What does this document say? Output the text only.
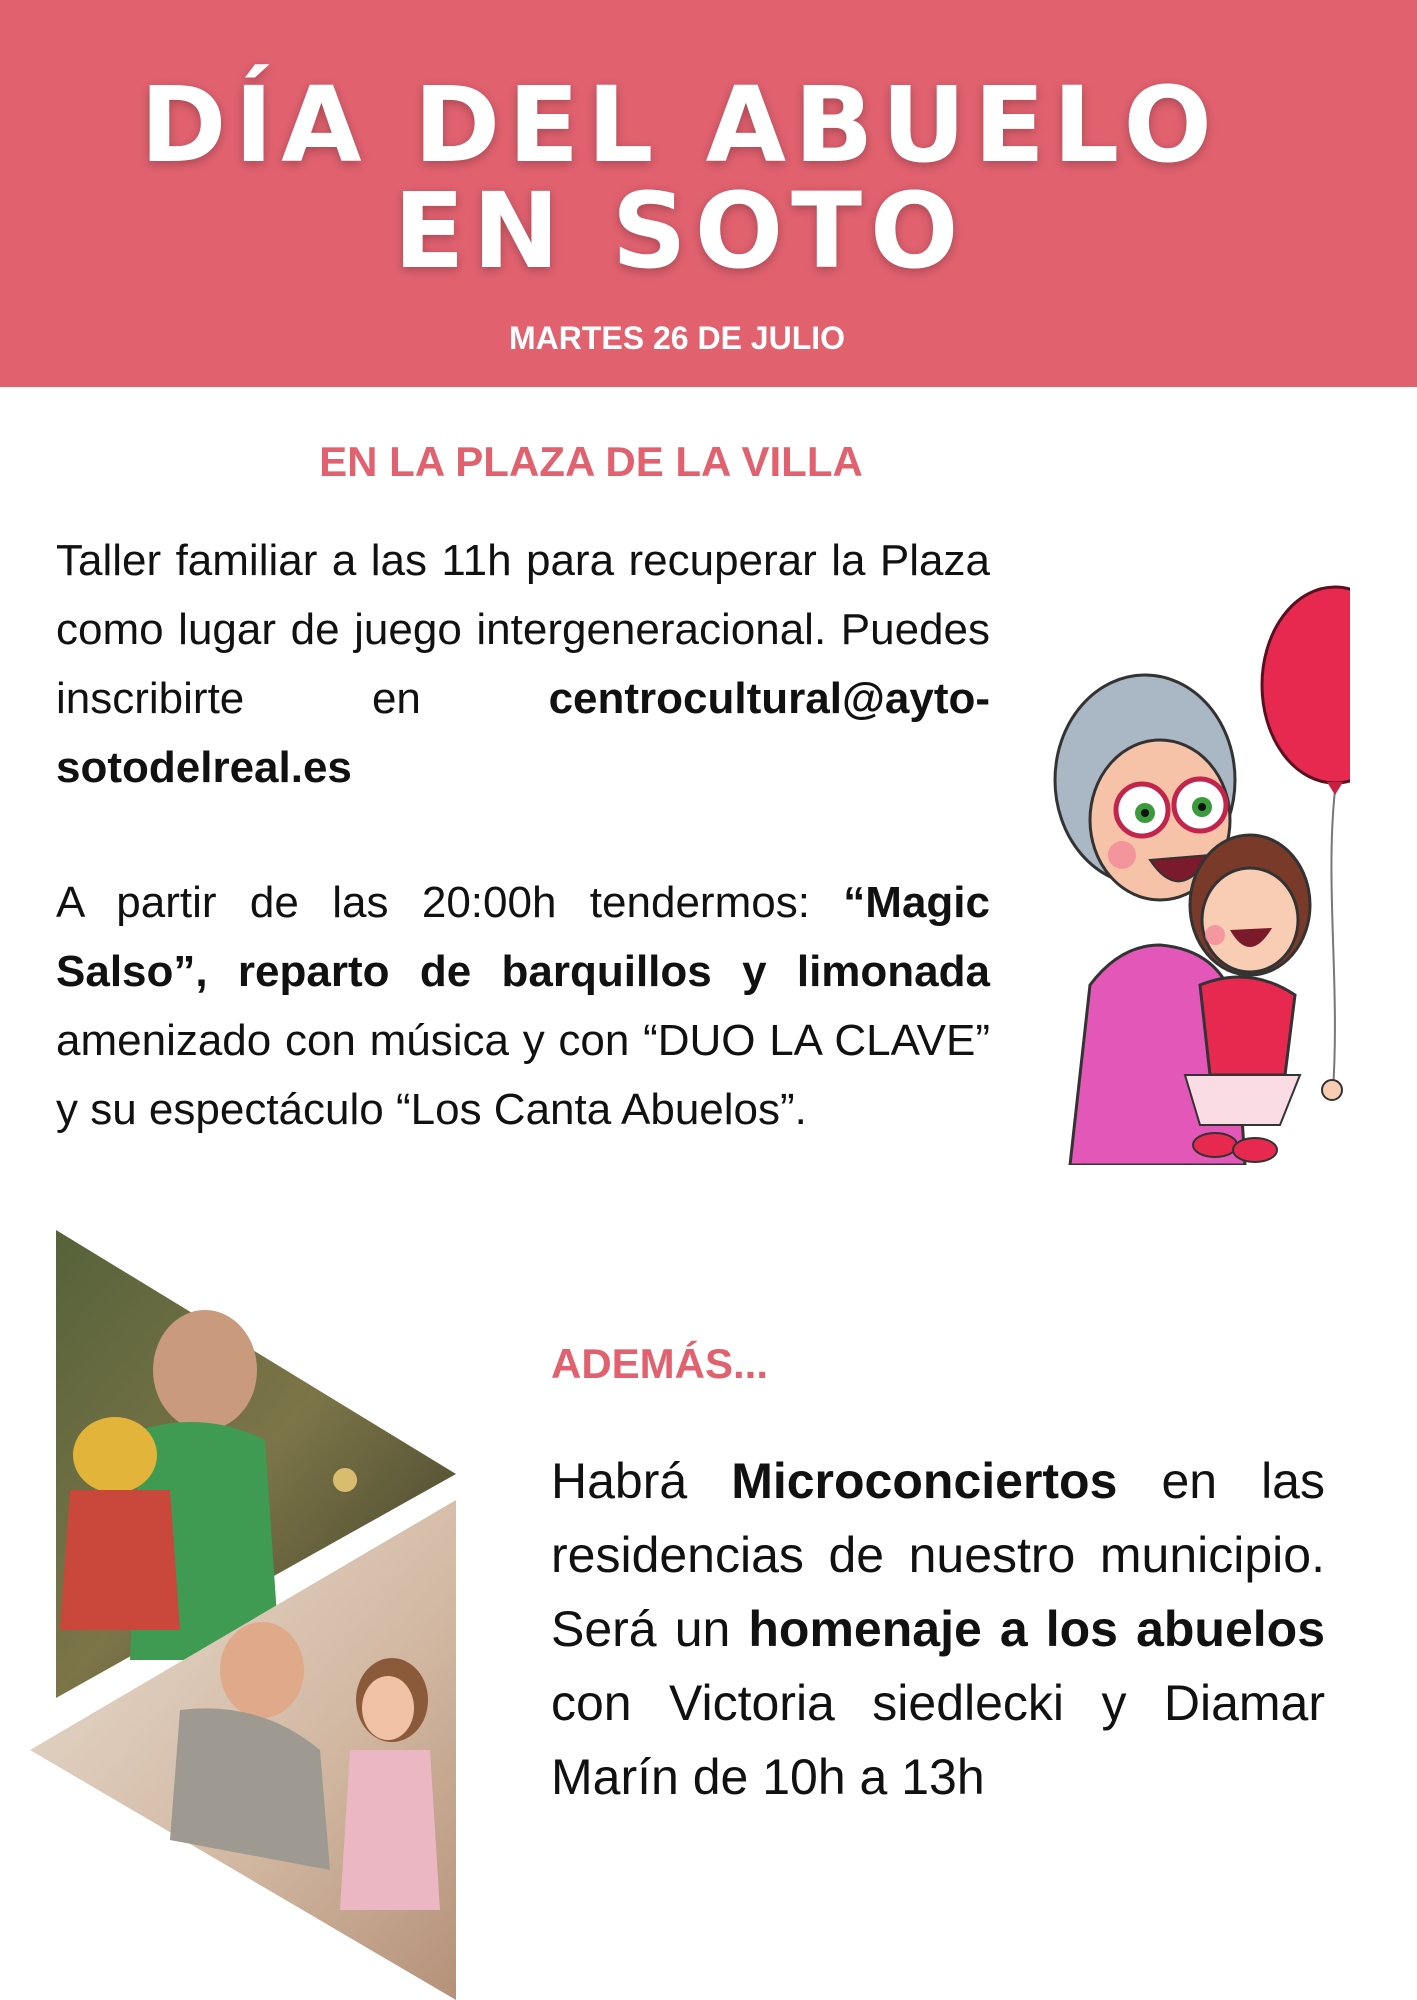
DÍA DEL ABUELO
EN SOTO

MARTES 26 DE JULIO

EN LA PLAZA DE LA VILLA

Taller familiar a las 11h para recuperar la Plaza como lugar de juego intergeneracional. Puedes inscribirte en	centrocultural@ayto-sotodelreal.es

A partir de las 20:00h tendermos: “Magic Salso”, reparto de barquillos y limonada amenizado con música y con “DUO LA CLAVE” y su espectáculo “Los Canta Abuelos”.

ADEMÁS...

Habrá Microconciertos en las residencias de nuestro municipio. Será un homenaje a los abuelos con Victoria siedlecki y Diamar Marín de 10h a 13h
